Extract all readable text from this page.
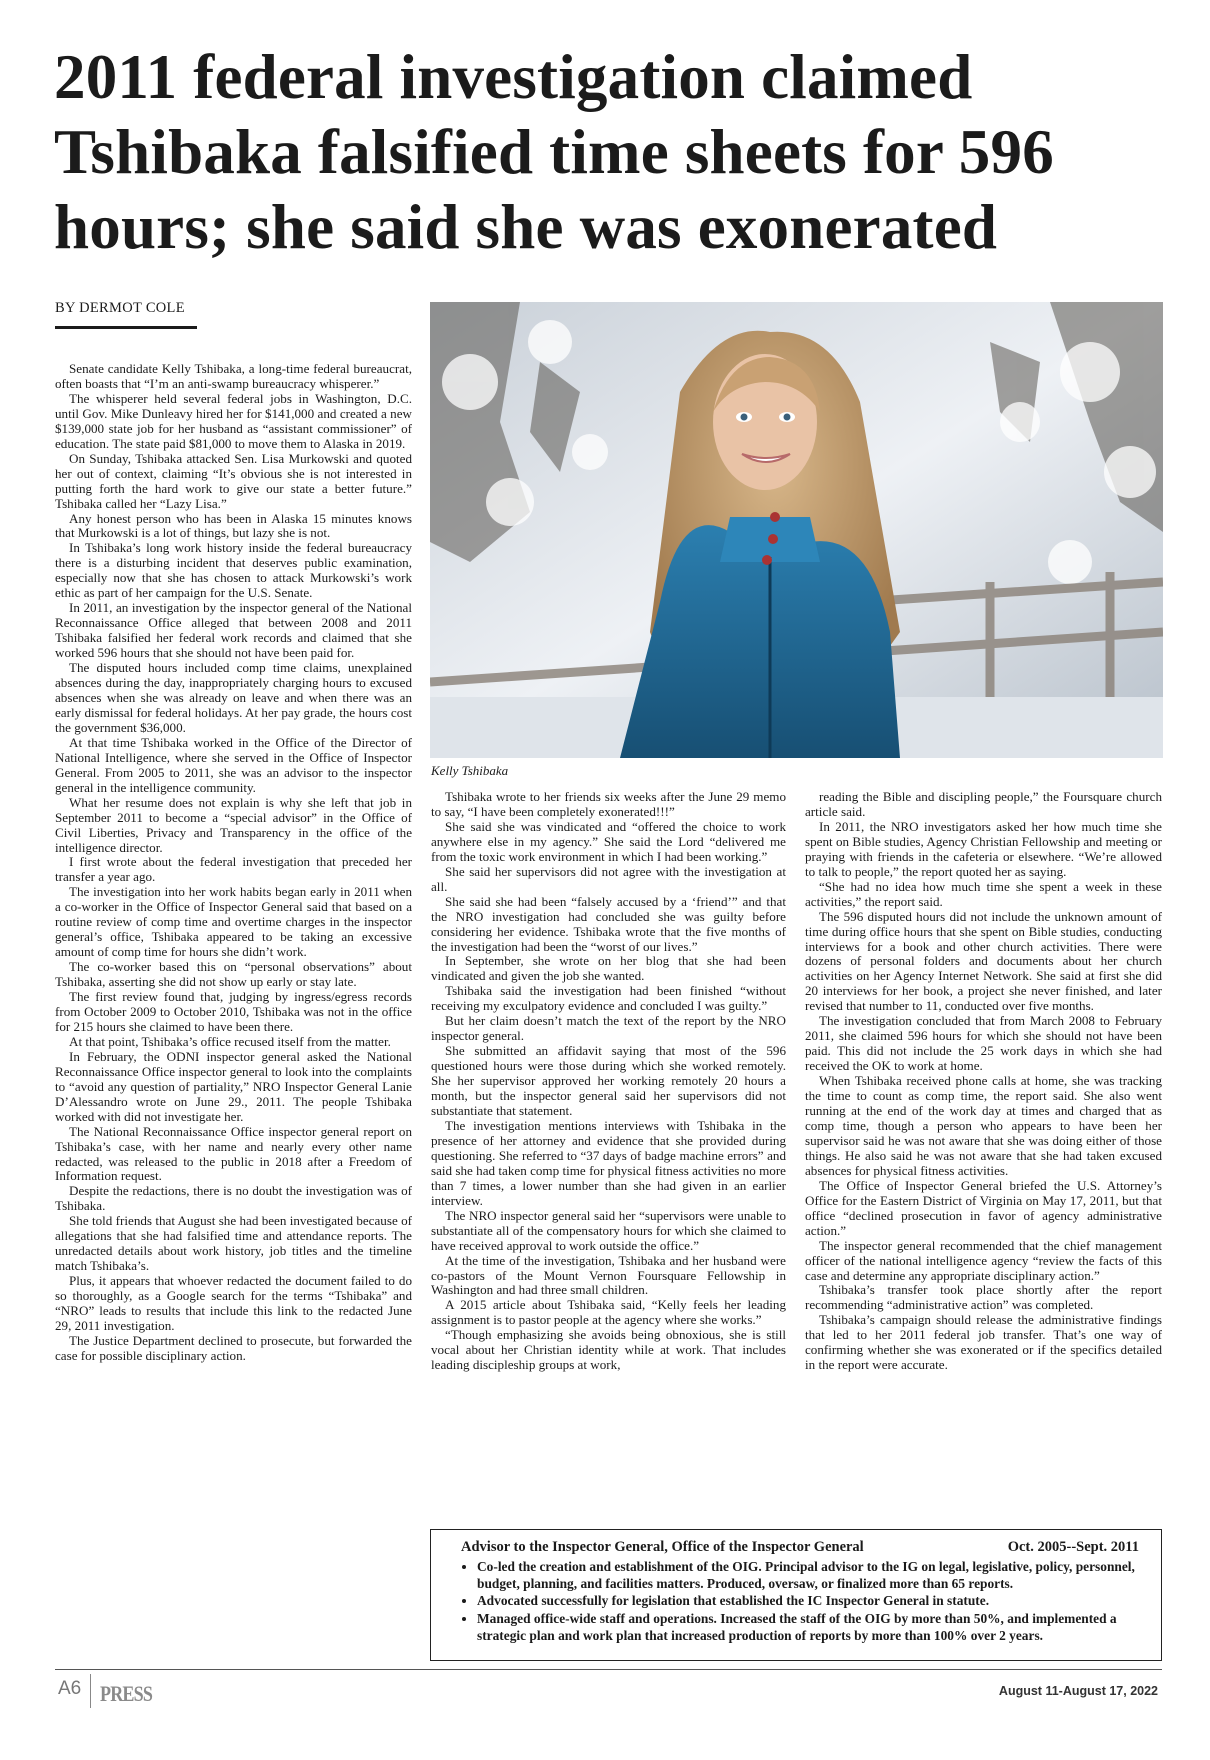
2011 federal investigation claimed Tshibaka falsified time sheets for 596 hours; she said she was exonerated
BY DERMOT COLE

Senate candidate Kelly Tshibaka, a long-time federal bureaucrat, often boasts that “I’m an anti-swamp bureaucracy whisperer.”

The whisperer held several federal jobs in Washington, D.C. until Gov. Mike Dunleavy hired her for $141,000 and created a new $139,000 state job for her husband as “assistant commissioner” of education. The state paid $81,000 to move them to Alaska in 2019.

On Sunday, Tshibaka attacked Sen. Lisa Murkowski and quoted her out of context, claiming “It’s obvious she is not interested in putting forth the hard work to give our state a better future.” Tshibaka called her “Lazy Lisa.”

Any honest person who has been in Alaska 15 minutes knows that Murkowski is a lot of things, but lazy she is not.

In Tshibaka’s long work history inside the federal bureaucracy there is a disturbing incident that deserves public examination, especially now that she has chosen to attack Murkowski’s work ethic as part of her campaign for the U.S. Senate.

In 2011, an investigation by the inspector general of the National Reconnaissance Office alleged that between 2008 and 2011 Tshibaka falsified her federal work records and claimed that she worked 596 hours that she should not have been paid for.

The disputed hours included comp time claims, unexplained absences during the day, inappropriately charging hours to excused absences when she was already on leave and when there was an early dismissal for federal holidays. At her pay grade, the hours cost the government $36,000.

At that time Tshibaka worked in the Office of the Director of National Intelligence, where she served in the Office of Inspector General. From 2005 to 2011, she was an advisor to the inspector general in the intelligence community.

What her resume does not explain is why she left that job in September 2011 to become a “special advisor” in the Office of Civil Liberties, Privacy and Transparency in the office of the intelligence director.

I first wrote about the federal investigation that preceded her transfer a year ago.

The investigation into her work habits began early in 2011 when a co-worker in the Office of Inspector General said that based on a routine review of comp time and overtime charges in the inspector general’s office, Tshibaka appeared to be taking an excessive amount of comp time for hours she didn’t work.

The co-worker based this on “personal observations” about Tshibaka, asserting she did not show up early or stay late.

The first review found that, judging by ingress/egress records from October 2009 to October 2010, Tshibaka was not in the office for 215 hours she claimed to have been there.

At that point, Tshibaka’s office recused itself from the matter.

In February, the ODNI inspector general asked the National Reconnaissance Office inspector general to look into the complaints to “avoid any question of partiality,” NRO Inspector General Lanie D’Alessandro wrote on June 29., 2011. The people Tshibaka worked with did not investigate her.

The National Reconnaissance Office inspector general report on Tshibaka’s case, with her name and nearly every other name redacted, was released to the public in 2018 after a Freedom of Information request.

Despite the redactions, there is no doubt the investigation was of Tshibaka.

She told friends that August she had been investigated because of allegations that she had falsified time and attendance reports. The unredacted details about work history, job titles and the timeline match Tshibaka’s.

Plus, it appears that whoever redacted the document failed to do so thoroughly, as a Google search for the terms “Tshibaka” and “NRO” leads to results that include this link to the redacted June 29, 2011 investigation.

The Justice Department declined to prosecute, but forwarded the case for possible disciplinary action.

Kelly Tshibaka

Tshibaka wrote to her friends six weeks after the June 29 memo to say, “I have been completely exonerated!!!”

She said she was vindicated and “offered the choice to work anywhere else in my agency.” She said the Lord “delivered me from the toxic work environment in which I had been working.”

She said her supervisors did not agree with the investigation at all.

She said she had been “falsely accused by a ‘friend’” and that the NRO investigation had concluded she was guilty before considering her evidence. Tshibaka wrote that the five months of the investigation had been the “worst of our lives.”

In September, she wrote on her blog that she had been vindicated and given the job she wanted.

Tshibaka said the investigation had been finished “without receiving my exculpatory evidence and concluded I was guilty.”

But her claim doesn’t match the text of the report by the NRO inspector general.

She submitted an affidavit saying that most of the 596 questioned hours were those during which she worked remotely. She her supervisor approved her working remotely 20 hours a month, but the inspector general said her supervisors did not substantiate that statement.

The investigation mentions interviews with Tshibaka in the presence of her attorney and evidence that she provided during questioning. She referred to “37 days of badge machine errors” and said she had taken comp time for physical fitness activities no more than 7 times, a lower number than she had given in an earlier interview.

The NRO inspector general said her “supervisors were unable to substantiate all of the compensatory hours for which she claimed to have received approval to work outside the office.”

At the time of the investigation, Tshibaka and her husband were co-pastors of the Mount Vernon Foursquare Fellowship in Washington and had three small children.

A 2015 article about Tshibaka said, “Kelly feels her leading assignment is to pastor people at the agency where she works.”

“Though emphasizing she avoids being obnoxious, she is still vocal about her Christian identity while at work. That includes leading discipleship groups at work,

reading the Bible and discipling people,” the Foursquare church article said.

In 2011, the NRO investigators asked her how much time she spent on Bible studies, Agency Christian Fellowship and meeting or praying with friends in the cafeteria or elsewhere. “We’re allowed to talk to people,” the report quoted her as saying.

“She had no idea how much time she spent a week in these activities,” the report said.

The 596 disputed hours did not include the unknown amount of time during office hours that she spent on Bible studies, conducting interviews for a book and other church activities. There were dozens of personal folders and documents about her church activities on her Agency Internet Network. She said at first she did 20 interviews for her book, a project she never finished, and later revised that number to 11, conducted over five months.

The investigation concluded that from March 2008 to February 2011, she claimed 596 hours for which she should not have been paid. This did not include the 25 work days in which she had received the OK to work at home.

When Tshibaka received phone calls at home, she was tracking the time to count as comp time, the report said. She also went running at the end of the work day at times and charged that as comp time, though a person who appears to have been her supervisor said he was not aware that she was doing either of those things. He also said he was not aware that she had taken excused absences for physical fitness activities.

The Office of Inspector General briefed the U.S. Attorney’s Office for the Eastern District of Virginia on May 17, 2011, but that office “declined prosecution in favor of agency administrative action.”

The inspector general recommended that the chief management officer of the national intelligence agency “review the facts of this case and determine any appropriate disciplinary action.”

Tshibaka’s transfer took place shortly after the report recommending “administrative action” was completed.

Tshibaka’s campaign should release the administrative findings that led to her 2011 federal job transfer. That’s one way of confirming whether she was exonerated or if the specifics detailed in the report were accurate.

Advisor to the Inspector General, Office of the Inspector General	Oct. 2005--Sept. 2011
• Co-led the creation and establishment of the OIG. Principal advisor to the IG on legal, legislative, policy, personnel, budget, planning, and facilities matters. Produced, oversaw, or finalized more than 65 reports.
• Advocated successfully for legislation that established the IC Inspector General in statute.
• Managed office-wide staff and operations. Increased the staff of the OIG by more than 50%, and implemented a strategic plan and work plan that increased production of reports by more than 100% over 2 years.
A6 PRESS	August 11-August 17, 2022
